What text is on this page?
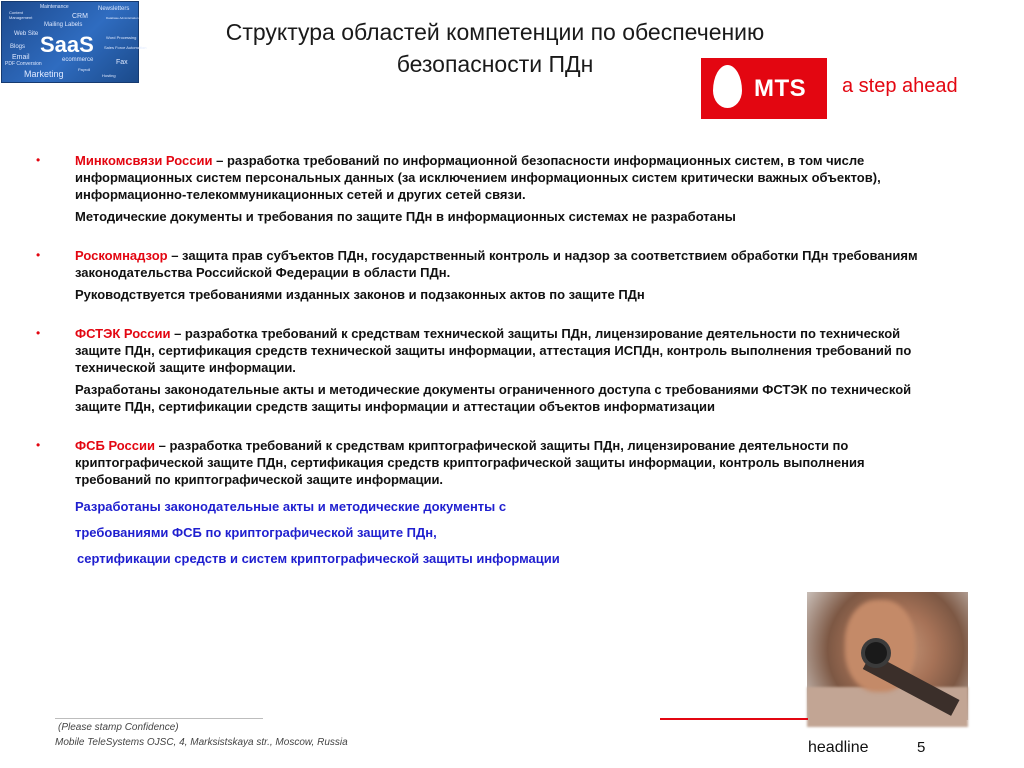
Maintenance	Newsletters
Content Management	CRM	Database Administration
Mailing Labels
Web Site SaaS
Blogs
Word Processing
Sales Force Automation
Email
PDF Conversion
ecommerce	Fax
Marketing	Payroll
Hosting
Структура областей компетенции по обеспечению
безопасности ПДн
MTS a step ahead
•	Минкомсвязи России – разработка требований по информационной безопасности информационных систем, в том числе информационных систем персональных данных (за исключением информационных систем критически важных объектов), информационно-телекоммуникационных сетей и других сетей связи.
Методические документы и требования по защите ПДн в информационных системах не разработаны
•	Роскомнадзор – защита прав субъектов ПДн, государственный контроль и надзор за соответствием обработки ПДн требованиям законодательства Российской Федерации в области ПДн.
Руководствуется требованиями изданных законов и подзаконных актов по защите ПДн
•	ФСТЭК России – разработка требований к средствам технической защиты ПДн, лицензирование деятельности по технической защите ПДн, сертификация средств технической защиты информации, аттестация ИСПДн, контроль выполнения требований по технической защите информации.
Разработаны законодательные акты и методические документы ограниченного доступа с требованиями ФСТЭК по технической защите ПДн, сертификации средств защиты информации и аттестации объектов информатизации
•	ФСБ России – разработка требований к средствам криптографической защиты ПДн, лицензирование деятельности по криптографической защите ПДн, сертификация средств криптографической защиты информации, контроль выполнения требований по криптографической защите информации.
Разработаны законодательные акты и методические документы с
требованиями ФСБ по криптографической защите ПДн,
сертификации средств и систем криптографической защиты информации
(Please stamp Confidence)
Mobile TeleSystems OJSC, 4, Marksistskaya str., Moscow, Russia	headline	5
